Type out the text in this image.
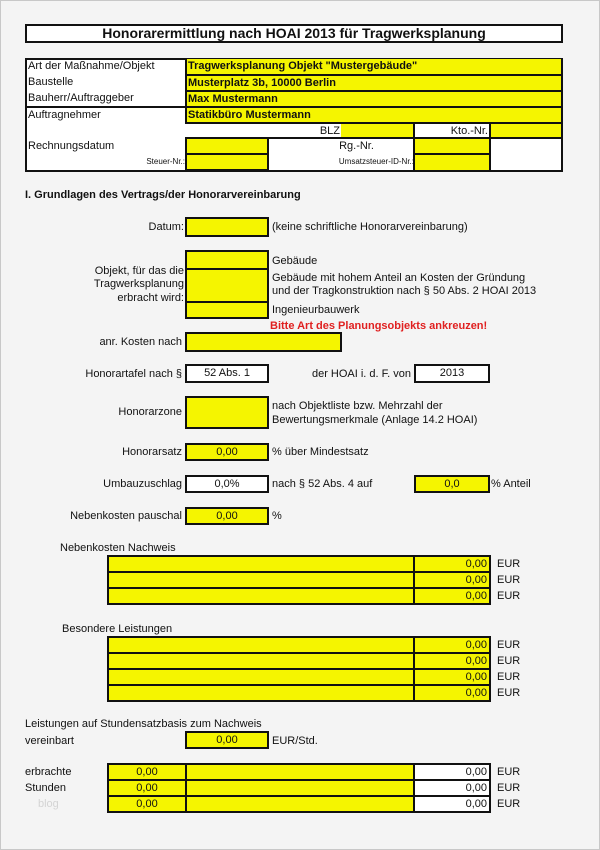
Honorarermittlung nach HOAI 2013 für Tragwerksplanung
Art der Maßnahme/Objekt	Tragwerksplanung Objekt "Mustergebäude"
Baustelle	Musterplatz 3b, 10000 Berlin
Bauherr/Auftraggeber	Max Mustermann
Auftragnehmer	Statikbüro Mustermann
BLZ	Kto.-Nr.
Rechnungsdatum	Rg.-Nr.
Steuer-Nr.:	Umsatzsteuer-ID-Nr.:
I. Grundlagen des Vertrags/der Honorarvereinbarung
Datum:	(keine schriftliche Honorarvereinbarung)
Objekt, für das die
Tragwerksplanung
erbracht wird:
Gebäude
Gebäude mit hohem Anteil an Kosten der Gründung
und der Tragkonstruktion nach § 50 Abs. 2 HOAI 2013
Ingenieurbauwerk
Bitte Art des Planungsobjekts ankreuzen!
anr. Kosten nach
Honorartafel nach §	52 Abs. 1	der HOAI i. d. F. von	2013
Honorarzone	nach Objektliste bzw. Mehrzahl der
Bewertungsmerkmale (Anlage 14.2 HOAI)
Honorarsatz	0,00	% über Mindestsatz
Umbauzuschlag	0,0%	nach § 52 Abs. 4 auf	0,0	% Anteil
Nebenkosten pauschal	0,00	%
Nebenkosten Nachweis
0,00 EUR
0,00 EUR
0,00 EUR
Besondere Leistungen
0,00 EUR
0,00 EUR
0,00 EUR
0,00 EUR
Leistungen auf Stundensatzbasis zum Nachweis
vereinbart	0,00	EUR/Std.
erbrachte
Stunden
blog
0,00	0,00 EUR
0,00	0,00 EUR
0,00	0,00 EUR
